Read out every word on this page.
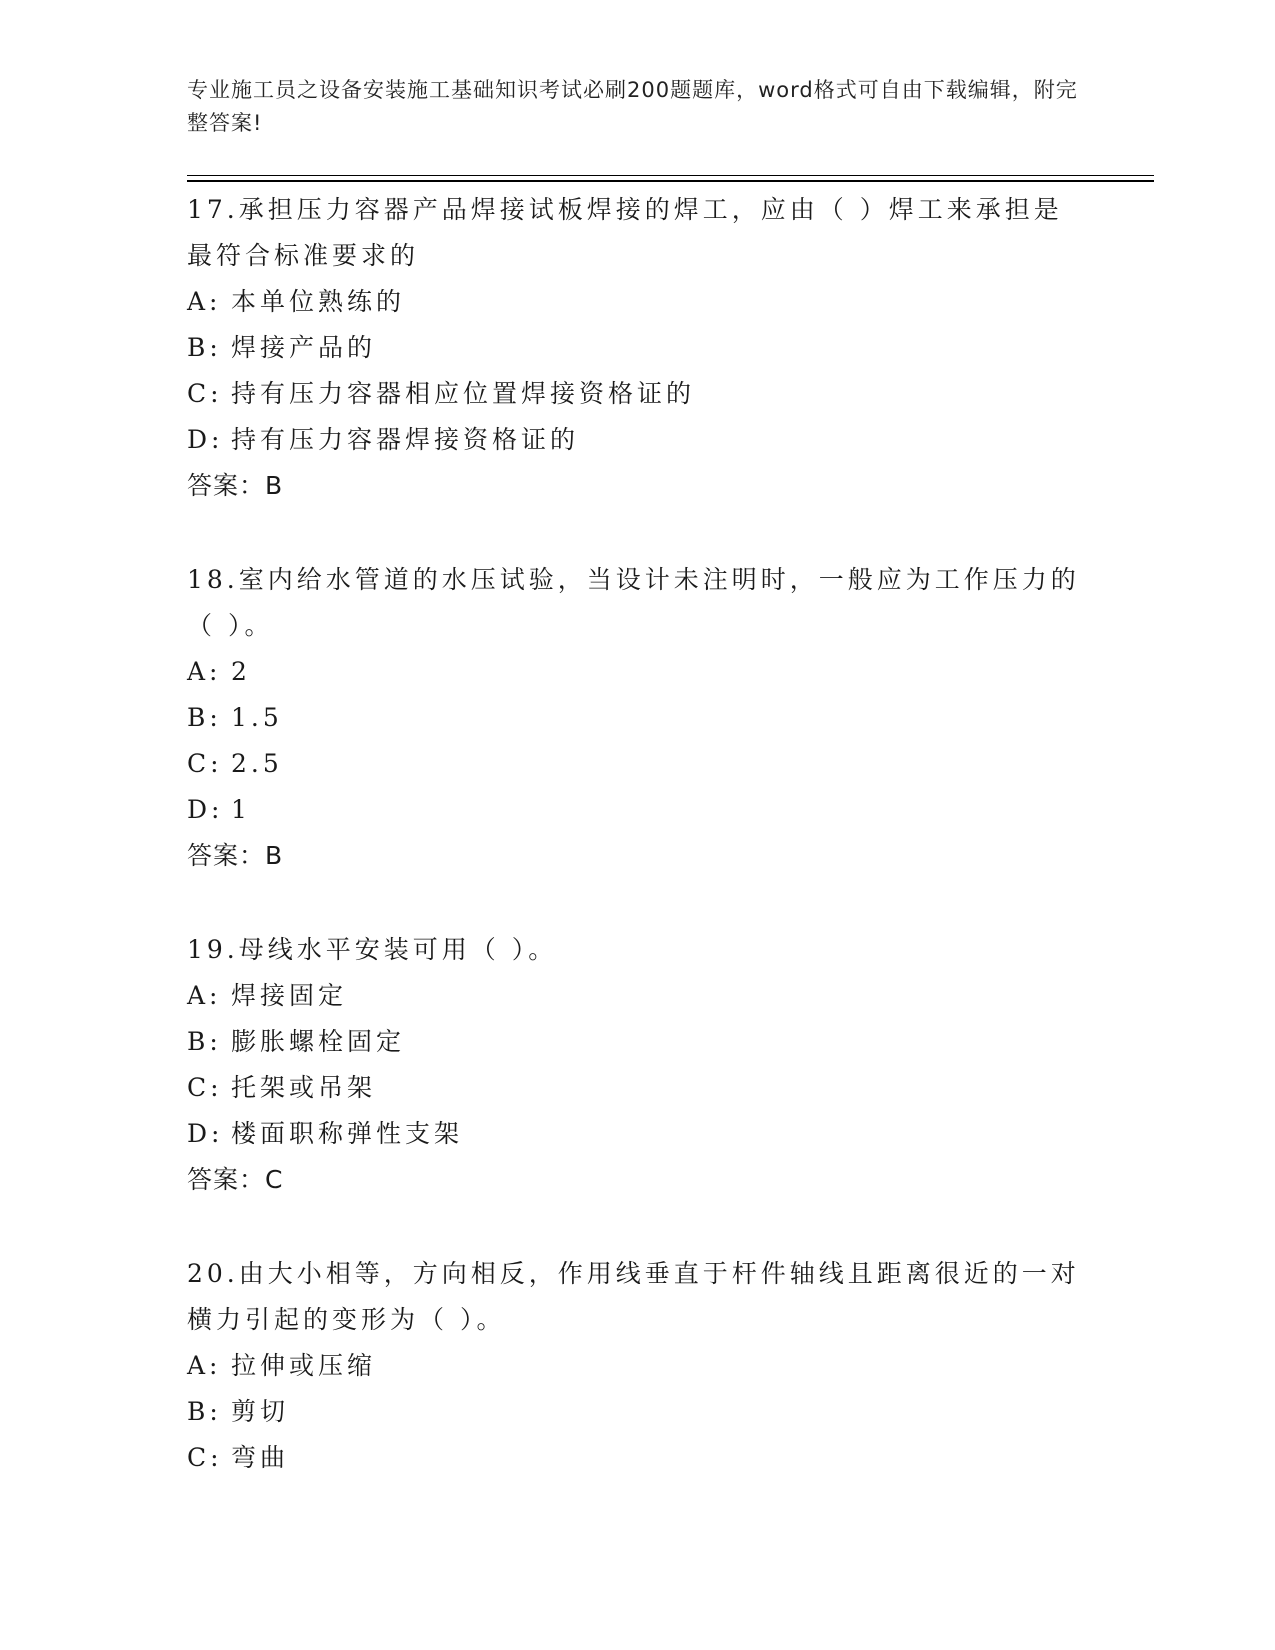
专业施工员之设备安装施工基础知识考试必刷200题题库，word格式可自由下载编辑，附完整答案!

17.承担压力容器产品焊接试板焊接的焊工，应由（ ）焊工来承担是最符合标准要求的

A: 本单位熟练的

B: 焊接产品的

C: 持有压力容器相应位置焊接资格证的

D: 持有压力容器焊接资格证的

答案：B

18.室内给水管道的水压试验，当设计未注明时，一般应为工作压力的（ ）。

A: 2

B: 1.5

C: 2.5

D: 1

答案：B

19.母线水平安装可用（ ）。

A: 焊接固定

B: 膨胀螺栓固定

C: 托架或吊架

D: 楼面职称弹性支架

答案：C

20.由大小相等，方向相反，作用线垂直于杆件轴线且距离很近的一对横力引起的变形为（ ）。

A: 拉伸或压缩

B: 剪切

C: 弯曲
